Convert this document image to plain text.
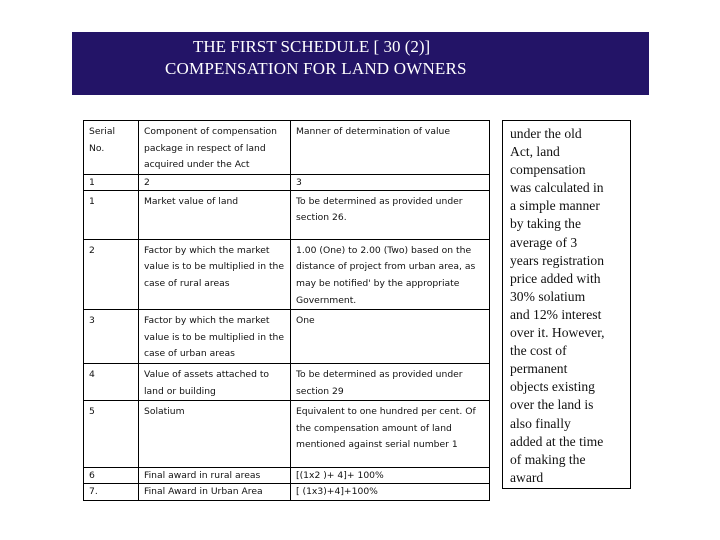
THE FIRST SCHEDULE [ 30 (2)]
COMPENSATION FOR LAND OWNERS
Serial No.	Component of compensation package in respect of land acquired under the Act	Manner of determination of value
1	2	3
1	Market value of land	To be determined as provided under section 26.
2	Factor by which the market value is to be multiplied in the case of rural areas	1.00 (One) to 2.00 (Two) based on the distance of project from urban area, as may be notified' by the appropriate Government.
3	Factor by which the market value is to be multiplied in the case of urban areas	One
4	Value of assets attached to land or building	To be determined as provided under section 29
5	Solatium	Equivalent to one hundred per cent. Of the compensation amount of land mentioned against serial number 1
6	Final award in rural areas	[(1x2 )+ 4]+ 100%
7.	Final Award in Urban Area	[ (1x3)+4]+100%
under the old
Act, land
compensation
was calculated in
a simple manner
by taking the
average of 3
years registration
price added with
30% solatium
and 12% interest
over it. However,
the cost of
permanent
objects existing
over the land is
also finally
added at the time
of making the
award
